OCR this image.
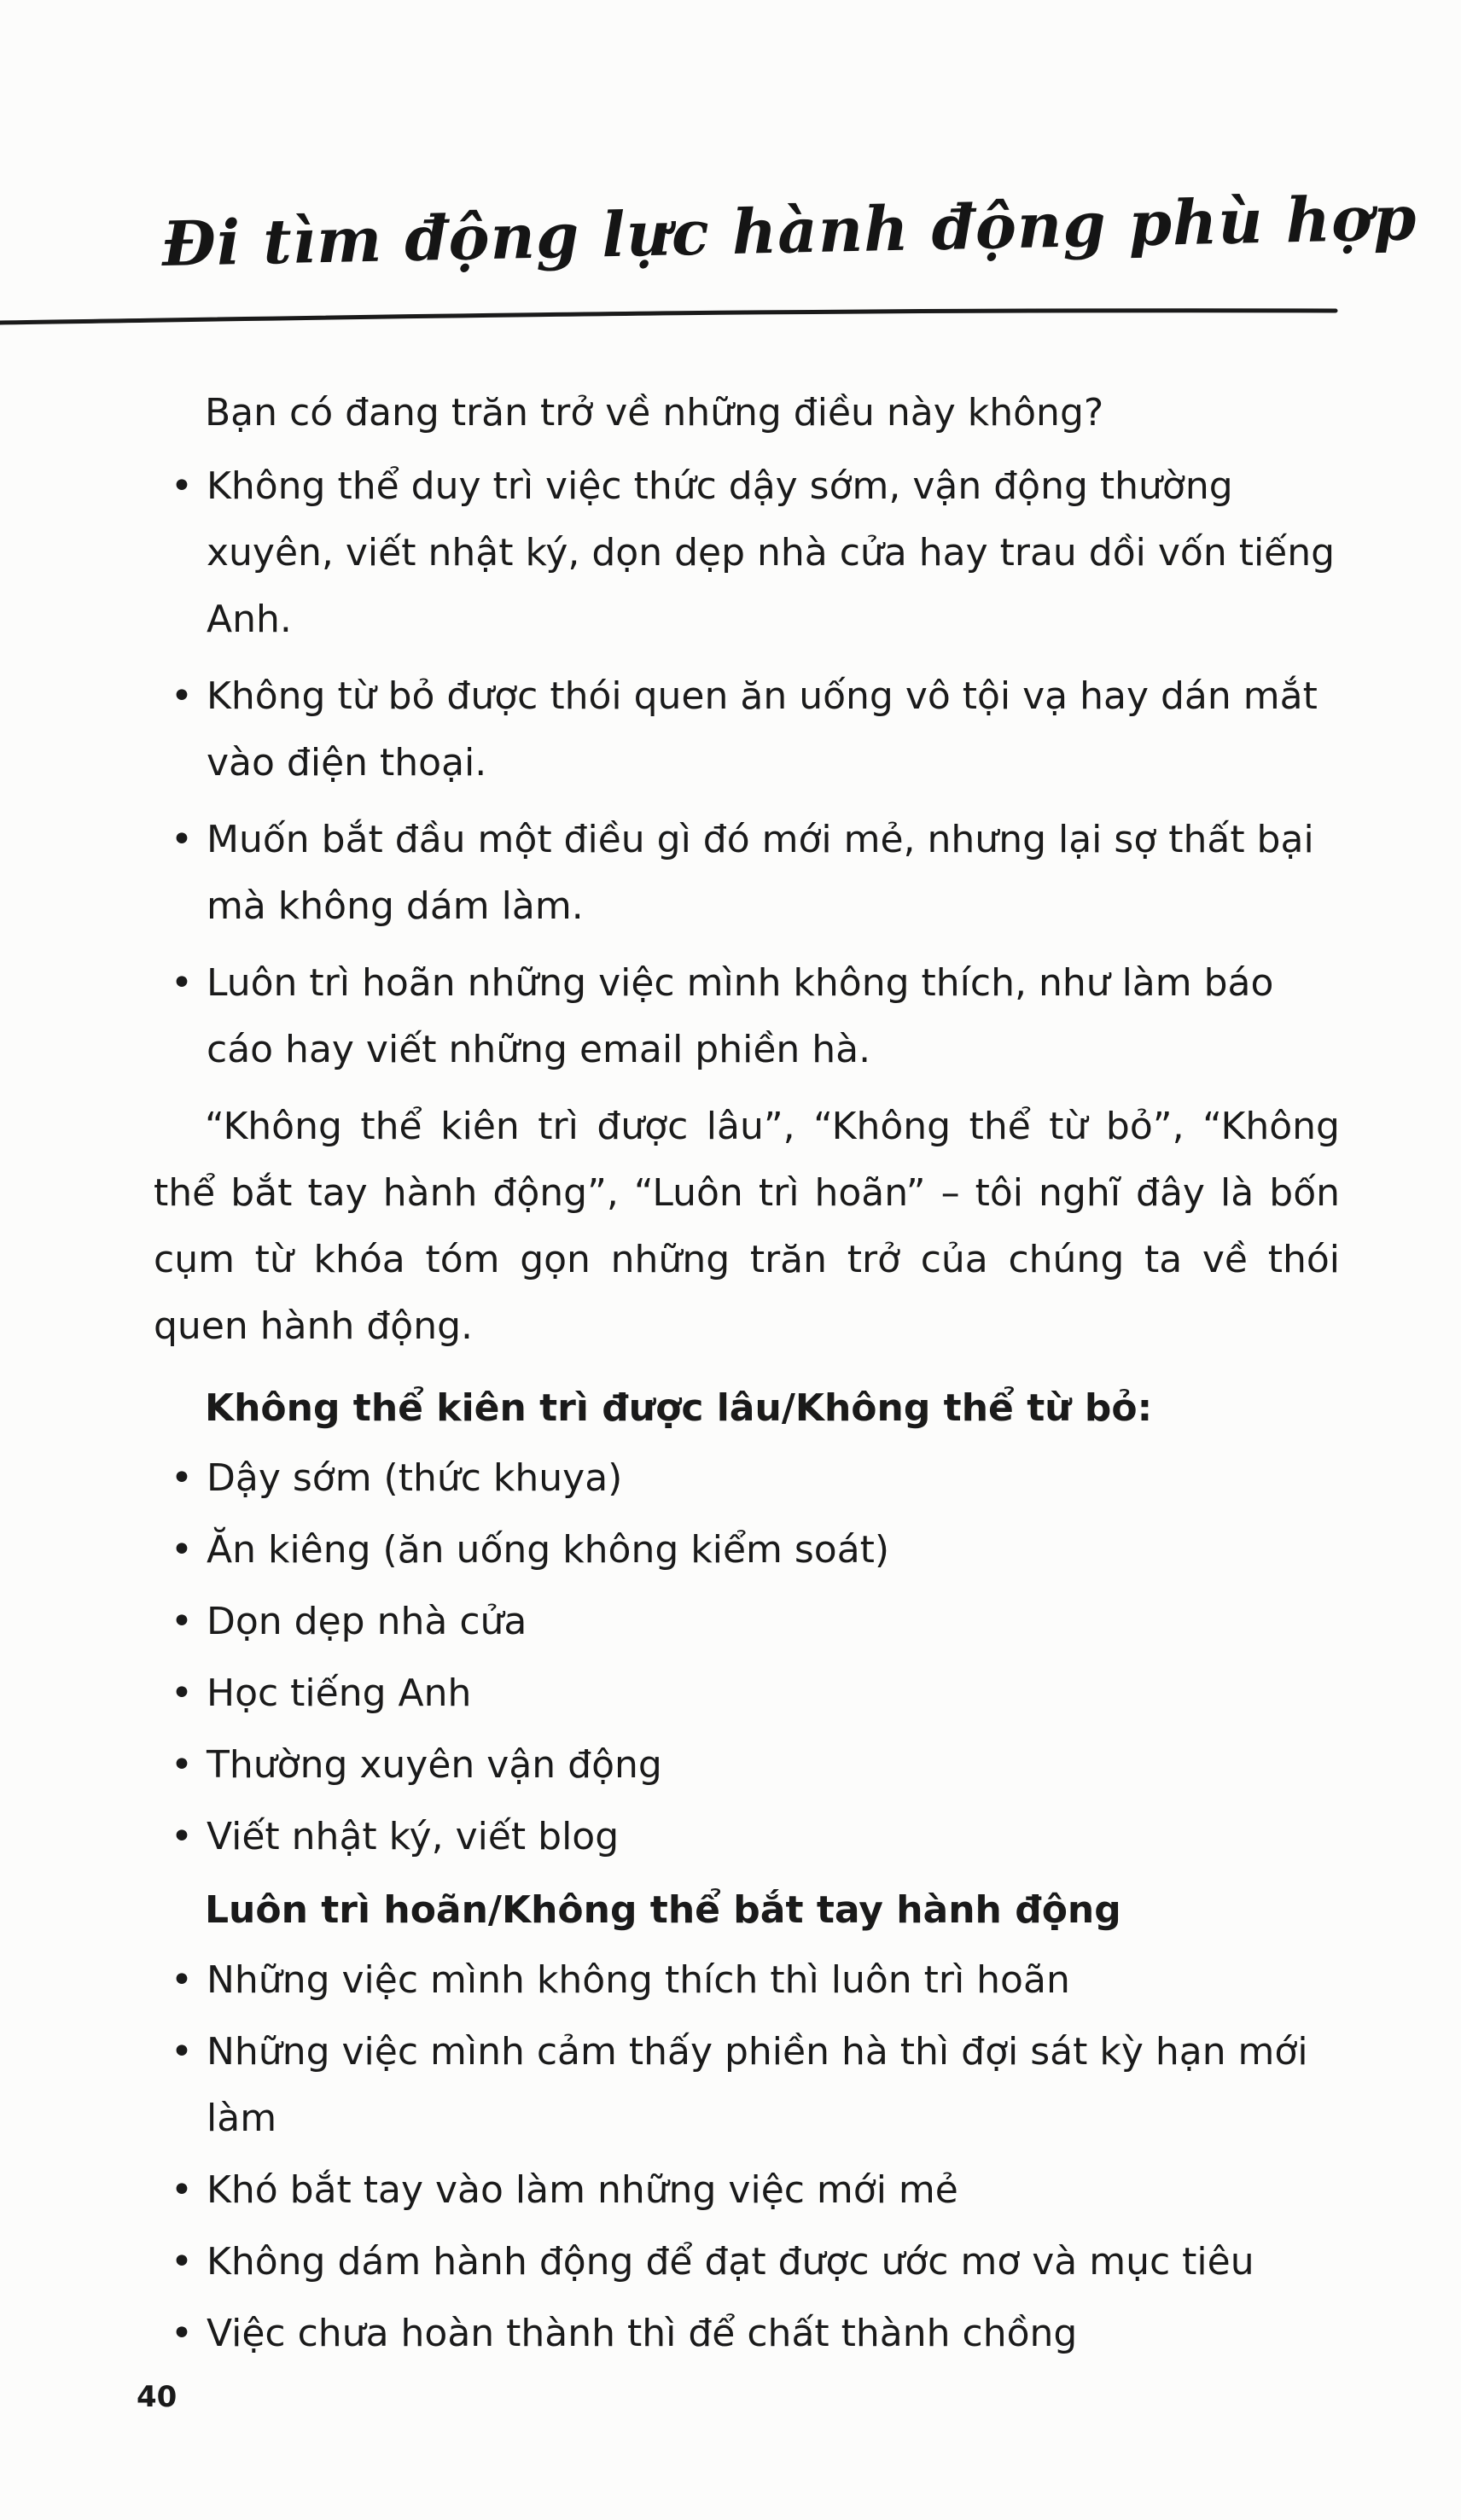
Đi tìm động lực hành động phù hợp

Bạn có đang trăn trở về những điều này không?

• Không thể duy trì việc thức dậy sớm, vận động thường xuyên, viết nhật ký, dọn dẹp nhà cửa hay trau dồi vốn tiếng Anh.
• Không từ bỏ được thói quen ăn uống vô tội vạ hay dán mắt vào điện thoại.
• Muốn bắt đầu một điều gì đó mới mẻ, nhưng lại sợ thất bại mà không dám làm.
• Luôn trì hoãn những việc mình không thích, như làm báo cáo hay viết những email phiền hà.

“Không thể kiên trì được lâu”, “Không thể từ bỏ”, “Không thể bắt tay hành động”, “Luôn trì hoãn” – tôi nghĩ đây là bốn cụm từ khóa tóm gọn những trăn trở của chúng ta về thói quen hành động.

Không thể kiên trì được lâu/Không thể từ bỏ:
• Dậy sớm (thức khuya)
• Ăn kiêng (ăn uống không kiểm soát)
• Dọn dẹp nhà cửa
• Học tiếng Anh
• Thường xuyên vận động
• Viết nhật ký, viết blog
Luôn trì hoãn/Không thể bắt tay hành động
• Những việc mình không thích thì luôn trì hoãn
• Những việc mình cảm thấy phiền hà thì đợi sát kỳ hạn mới làm
• Khó bắt tay vào làm những việc mới mẻ
• Không dám hành động để đạt được ước mơ và mục tiêu
• Việc chưa hoàn thành thì để chất thành chồng
40
